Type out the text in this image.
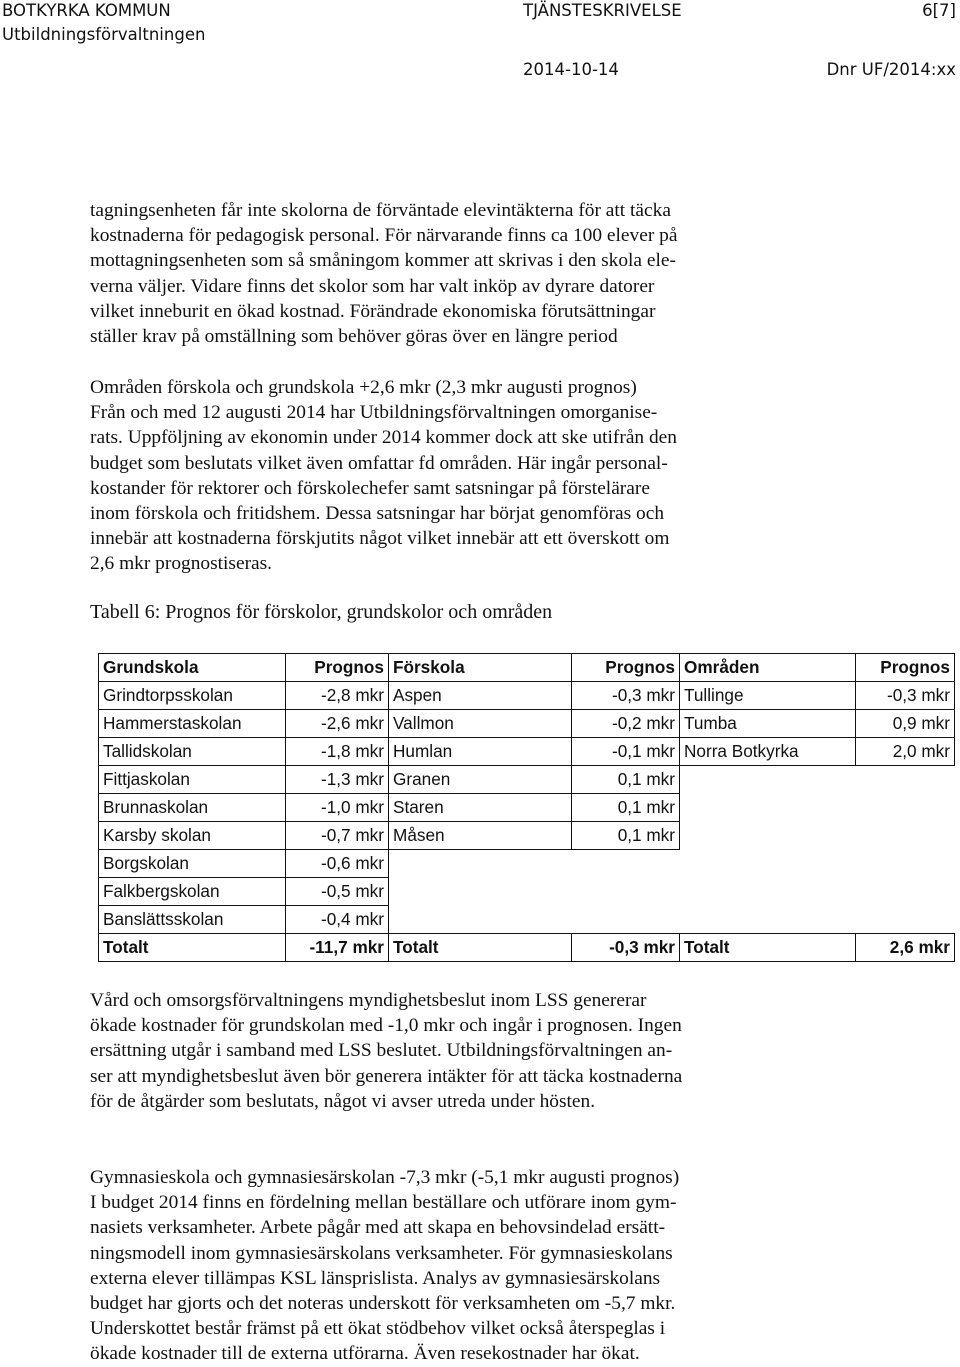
BOTKYRKA KOMMUN
Utbildningsförvaltningen
TJÄNSTESKRIVELSE	6[7]
2014-10-14	Dnr UF/2014:xx
tagningsenheten får inte skolorna de förväntade elevintäkterna för att täcka
kostnaderna för pedagogisk personal. För närvarande finns ca 100 elever på
mottagningsenheten som så småningom kommer att skrivas i den skola ele-
verna väljer. Vidare finns det skolor som har valt inköp av dyrare datorer
vilket inneburit en ökad kostnad. Förändrade ekonomiska förutsättningar
ställer krav på omställning som behöver göras över en längre period
Områden förskola och grundskola +2,6 mkr (2,3 mkr augusti prognos)
Från och med 12 augusti 2014 har Utbildningsförvaltningen omorganise-
rats. Uppföljning av ekonomin under 2014 kommer dock att ske utifrån den
budget som beslutats vilket även omfattar fd områden. Här ingår personal-
kostander för rektorer och förskolechefer samt satsningar på förstelärare
inom förskola och fritidshem. Dessa satsningar har börjat genomföras och
innebär att kostnaderna förskjutits något vilket innebär att ett överskott om
2,6 mkr prognostiseras.
Tabell 6: Prognos för förskolor, grundskolor och områden
Grundskola	Prognos	Förskola	Prognos	Områden	Prognos
Grindtorpsskolan	-2,8 mkr	Aspen	-0,3 mkr	Tullinge	-0,3 mkr
Hammerstaskolan	-2,6 mkr	Vallmon	-0,2 mkr	Tumba	0,9 mkr
Tallidskolan	-1,8 mkr	Humlan	-0,1 mkr	Norra Botkyrka	2,0 mkr
Fittjaskolan	-1,3 mkr	Granen	0,1 mkr		
Brunnaskolan	-1,0 mkr	Staren	0,1 mkr		
Karsby skolan	-0,7 mkr	Måsen	0,1 mkr		
Borgskolan	-0,6 mkr				
Falkbergskolan	-0,5 mkr				
Banslättsskolan	-0,4 mkr				
Totalt	-11,7 mkr	Totalt	-0,3 mkr	Totalt	2,6 mkr
Vård och omsorgsförvaltningens myndighetsbeslut inom LSS genererar
ökade kostnader för grundskolan med -1,0 mkr och ingår i prognosen. Ingen
ersättning utgår i samband med LSS beslutet. Utbildningsförvaltningen an-
ser att myndighetsbeslut även bör generera intäkter för att täcka kostnaderna
för de åtgärder som beslutats, något vi avser utreda under hösten.
Gymnasieskola och gymnasiesärskolan -7,3 mkr (-5,1 mkr augusti prognos)
I budget 2014 finns en fördelning mellan beställare och utförare inom gym-
nasiets verksamheter. Arbete pågår med att skapa en behovsindelad ersätt-
ningsmodell inom gymnasiesärskolans verksamheter. För gymnasieskolans
externa elever tillämpas KSL länsprislista. Analys av gymnasiesärskolans
budget har gjorts och det noteras underskott för verksamheten om -5,7 mkr.
Underskottet består främst på ett ökat stödbehov vilket också återspeglas i
ökade kostnader till de externa utförarna. Även resekostnader har ökat.
